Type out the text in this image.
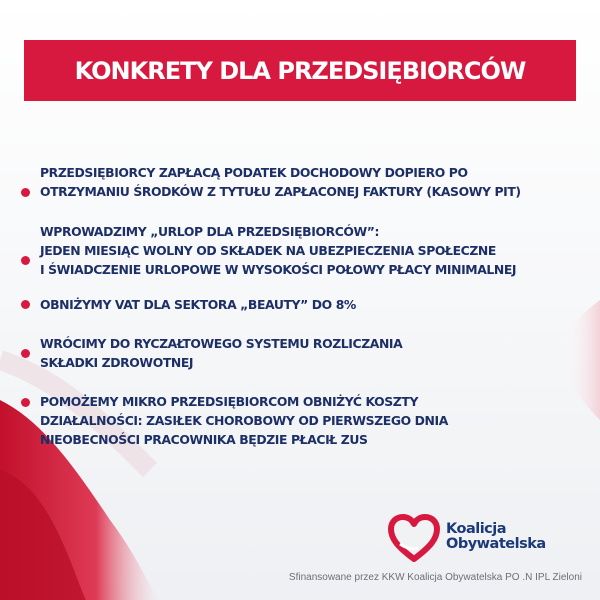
KONKRETY DLA PRZEDSIĘBIORCÓW
PRZEDSIĘBIORCY ZAPŁACĄ PODATEK DOCHODOWY DOPIERO PO
OTRZYMANIU ŚRODKÓW Z TYTUŁU ZAPŁACONEJ FAKTURY (KASOWY PIT)
WPROWADZIMY „URLOP DLA PRZEDSIĘBIORCÓW”:
JEDEN MIESIĄC WOLNY OD SKŁADEK NA UBEZPIECZENIA SPOŁECZNE
I ŚWIADCZENIE URLOPOWE W WYSOKOŚCI POŁOWY PŁACY MINIMALNEJ
OBNIŻYMY VAT DLA SEKTORA „BEAUTY” DO 8%
WRÓCIMY DO RYCZAŁTOWEGO SYSTEMU ROZLICZANIA
SKŁADKI ZDROWOTNEJ
POMOŻEMY MIKRO PRZEDSIĘBIORCOM OBNIŻYĆ KOSZTY
DZIAŁALNOŚCI: ZASIŁEK CHOROBOWY OD PIERWSZEGO DNIA
NIEOBECNOŚCI PRACOWNIKA BĘDZIE PŁACIŁ ZUS
Koalicja
Obywatelska
Sfinansowane przez KKW Koalicja Obywatelska PO .N IPL Zieloni
